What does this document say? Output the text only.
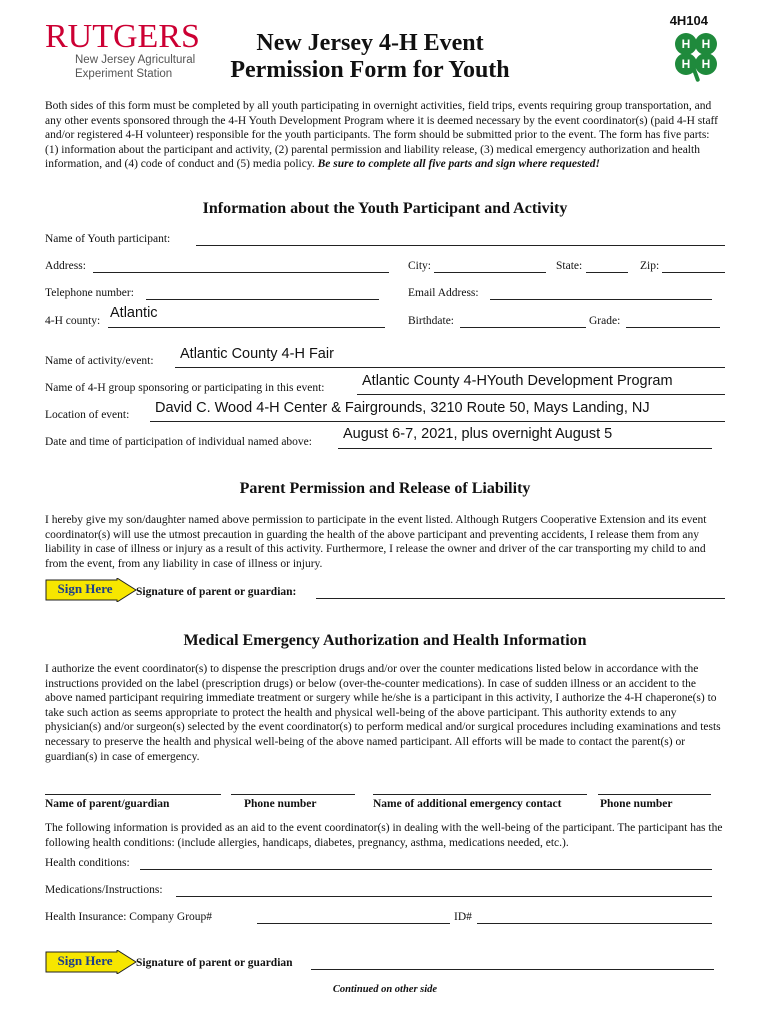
RUTGERS
New Jersey Agricultural
Experiment Station
4H104
New Jersey 4-H Event
Permission Form for Youth
H H
H H
Both sides of this form must be completed by all youth participating in overnight activities, field trips, events requiring group transportation, and any other events sponsored through the 4-H Youth Development Program where it is deemed necessary by the event coordinator(s) (paid 4-H staff and/or registered 4-H volunteer) responsible for the youth participants. The form should be submitted prior to the event. The form has five parts: (1) information about the participant and activity, (2) parental permission and liability release, (3) medical emergency authorization and health information, and (4) code of conduct and (5) media policy. Be sure to complete all five parts and sign where requested!
Information about the Youth Participant and Activity
Name of Youth participant:
Address:	City:	State:	Zip:
Telephone number:	Email Address:
4-H county: Atlantic	Birthdate:	Grade:
Name of activity/event: Atlantic County 4-H Fair
Name of 4-H group sponsoring or participating in this event:	Atlantic County 4-HYouth Development Program
Location of event: David C. Wood 4-H Center & Fairgrounds, 3210 Route 50, Mays Landing, NJ
Date and time of participation of individual named above: August 6-7, 2021, plus overnight August 5
Parent Permission and Release of Liability
I hereby give my son/daughter named above permission to participate in the event listed. Although Rutgers Cooperative Extension and its event coordinator(s) will use the utmost precaution in guarding the health of the above participant and preventing accidents, I release them from any liability in case of illness or injury as a result of this activity. Furthermore, I release the owner and driver of the car transporting my child to and from the event, from any liability in case of illness or injury.
Sign Here	Signature of parent or guardian:
Medical Emergency Authorization and Health Information
I authorize the event coordinator(s) to dispense the prescription drugs and/or over the counter medications listed below in accordance with the instructions provided on the label (prescription drugs) or below (over-the-counter medications). In case of sudden illness or an accident to the above named participant requiring immediate treatment or surgery while he/she is a participant in this activity, I authorize the 4-H chaperone(s) to take such action as seems appropriate to protect the health and physical well-being of the above participant. This authority extends to any physician(s) and/or surgeon(s) selected by the event coordinator(s) to perform medical and/or surgical procedures including examinations and tests necessary to preserve the health and physical well-being of the above named participant. All efforts will be made to contact the parent(s) or guardian(s) in case of emergency.
Name of parent/guardian	Phone number	Name of additional emergency contact	Phone number
The following information is provided as an aid to the event coordinator(s) in dealing with the well-being of the participant. The participant has the following health conditions: (include allergies, handicaps, diabetes, pregnancy, asthma, medications needed, etc.).
Health conditions:
Medications/Instructions:
Health Insurance: Company Group#	ID#
Sign Here	Signature of parent or guardian
Continued on other side
